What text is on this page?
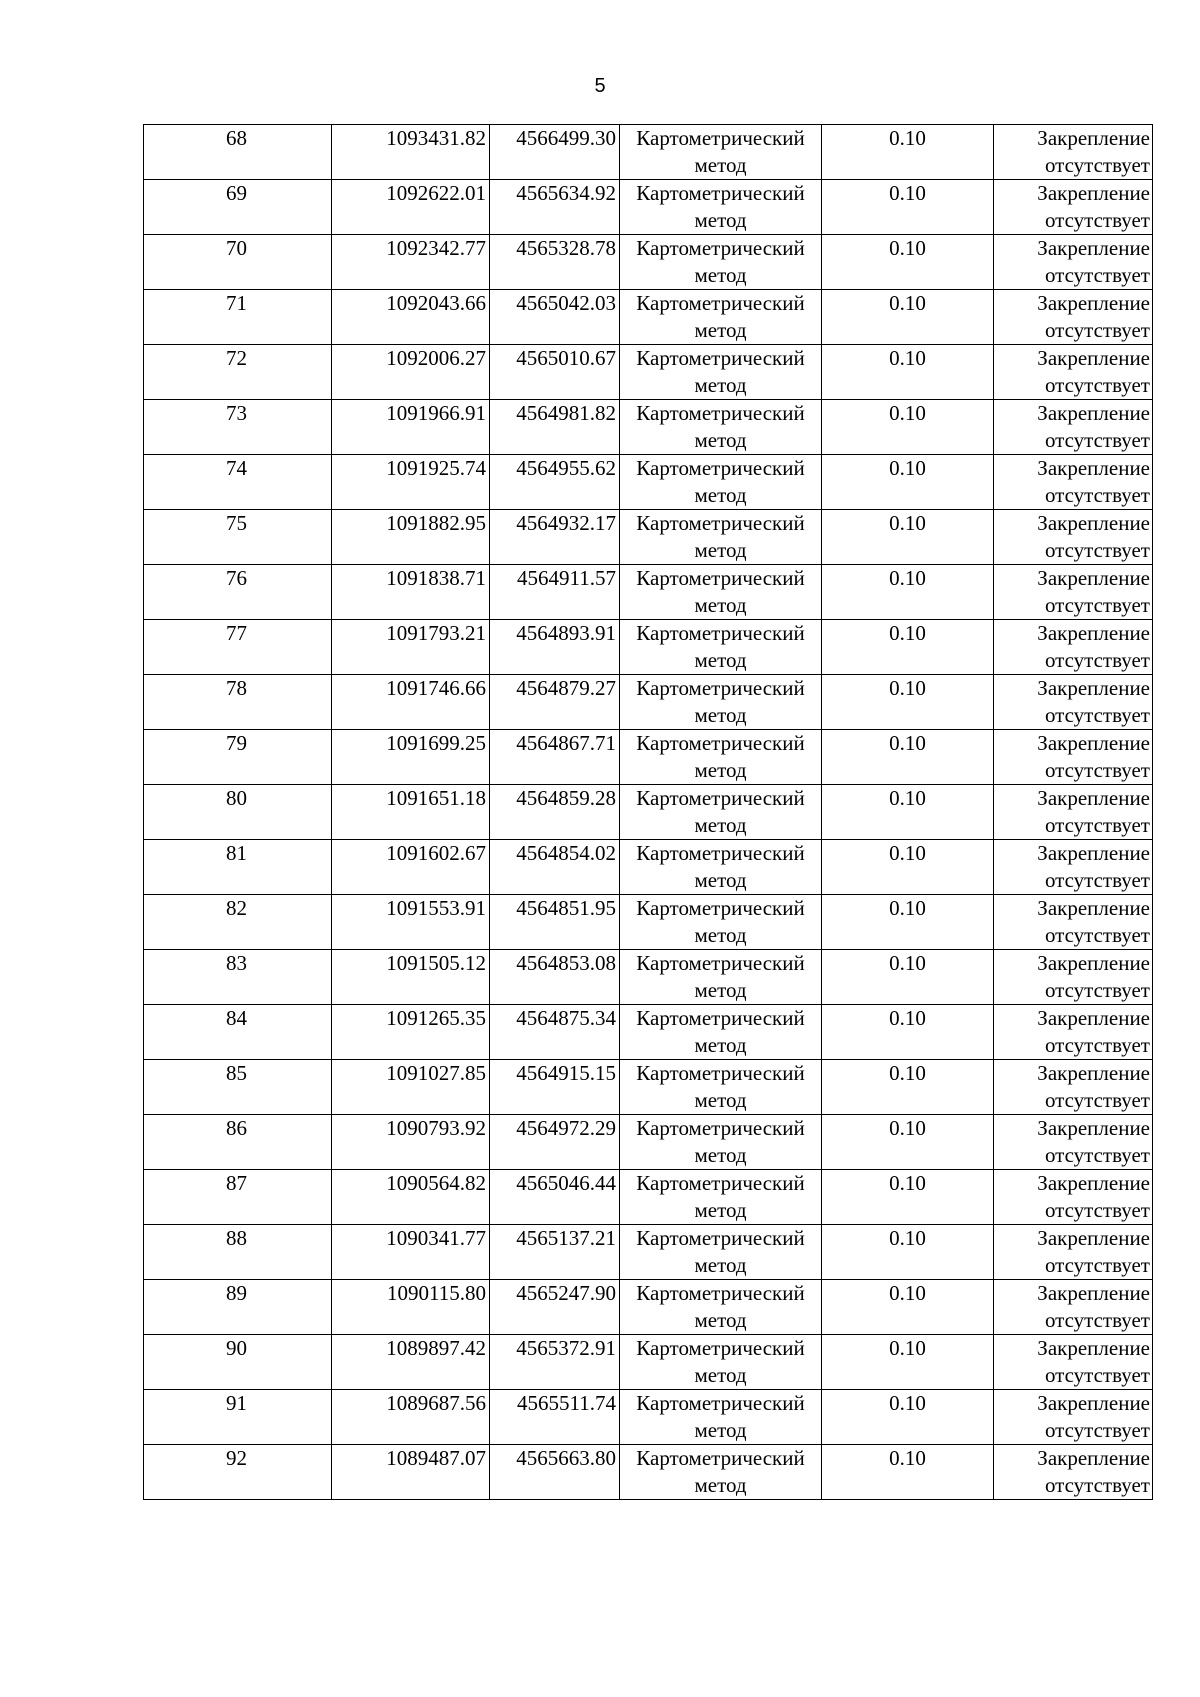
5
68	1093431.82	4566499.30	Картометрический
метод	0.10	Закрепление
отсутствует

69	1092622.01	4565634.92	Картометрический
метод	0.10	Закрепление
отсутствует

70	1092342.77	4565328.78	Картометрический
метод	0.10	Закрепление
отсутствует

71	1092043.66	4565042.03	Картометрический
метод	0.10	Закрепление
отсутствует

72	1092006.27	4565010.67	Картометрический
метод	0.10	Закрепление
отсутствует

73	1091966.91	4564981.82	Картометрический
метод	0.10	Закрепление
отсутствует

74	1091925.74	4564955.62	Картометрический
метод	0.10	Закрепление
отсутствует

75	1091882.95	4564932.17	Картометрический
метод	0.10	Закрепление
отсутствует

76	1091838.71	4564911.57	Картометрический
метод	0.10	Закрепление
отсутствует

77	1091793.21	4564893.91	Картометрический
метод	0.10	Закрепление
отсутствует

78	1091746.66	4564879.27	Картометрический
метод	0.10	Закрепление
отсутствует

79	1091699.25	4564867.71	Картометрический
метод	0.10	Закрепление
отсутствует

80	1091651.18	4564859.28	Картометрический
метод	0.10	Закрепление
отсутствует

81	1091602.67	4564854.02	Картометрический
метод	0.10	Закрепление
отсутствует

82	1091553.91	4564851.95	Картометрический
метод	0.10	Закрепление
отсутствует

83	1091505.12	4564853.08	Картометрический
метод	0.10	Закрепление
отсутствует

84	1091265.35	4564875.34	Картометрический
метод	0.10	Закрепление
отсутствует

85	1091027.85	4564915.15	Картометрический
метод	0.10	Закрепление
отсутствует

86	1090793.92	4564972.29	Картометрический
метод	0.10	Закрепление
отсутствует

87	1090564.82	4565046.44	Картометрический
метод	0.10	Закрепление
отсутствует

88	1090341.77	4565137.21	Картометрический
метод	0.10	Закрепление
отсутствует

89	1090115.80	4565247.90	Картометрический
метод	0.10	Закрепление
отсутствует

90	1089897.42	4565372.91	Картометрический
метод	0.10	Закрепление
отсутствует

91	1089687.56	4565511.74	Картометрический
метод	0.10	Закрепление
отсутствует

92	1089487.07	4565663.80	Картометрический
метод	0.10	Закрепление
отсутствует
